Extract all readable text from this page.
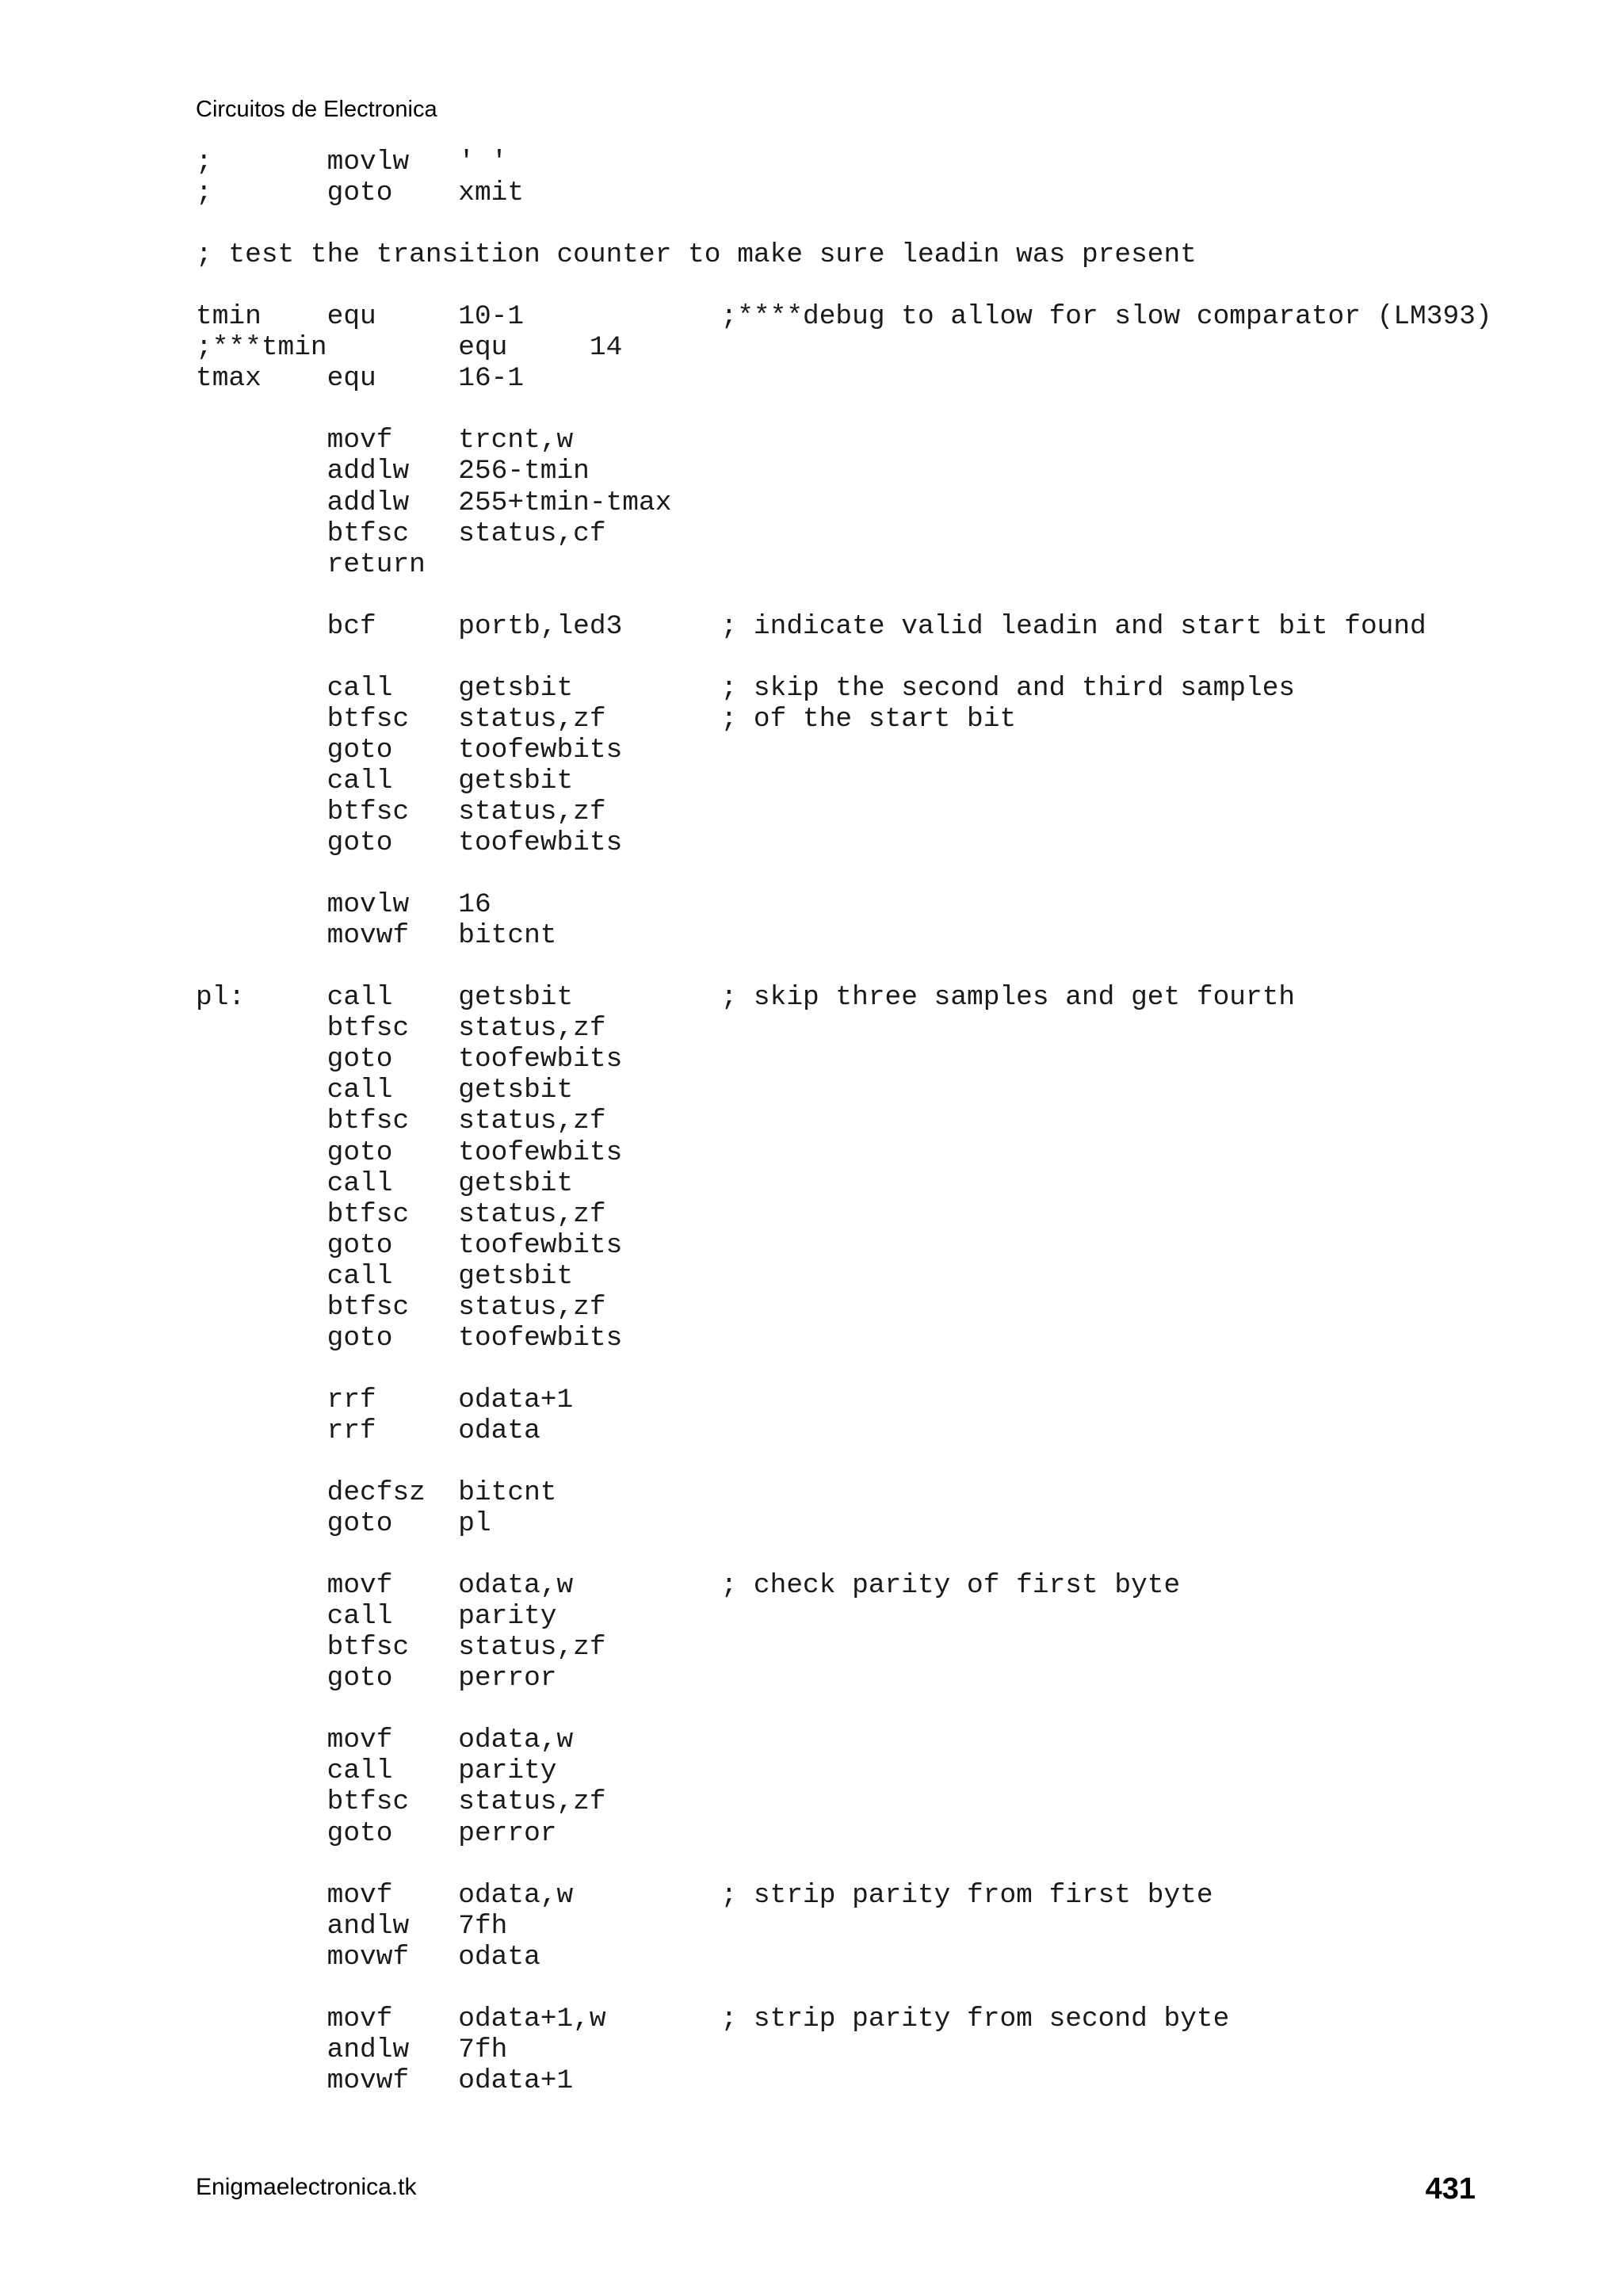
Circuitos de Electronica
;       movlw   ' '
;       goto    xmit
; test the transition counter to make sure leadin was present
tmin    equ     10-1            ;****debug to allow for slow comparator (LM393)
;***tmin        equ     14
tmax    equ     16-1
movf    trcnt,w
addlw   256-tmin
addlw   255+tmin-tmax
btfsc   status,cf
return
bcf     portb,led3      ; indicate valid leadin and start bit found
call    getsbit         ; skip the second and third samples
btfsc   status,zf       ; of the start bit
goto    toofewbits
call    getsbit
btfsc   status,zf
goto    toofewbits
movlw   16
movwf   bitcnt
pl:     call    getsbit         ; skip three samples and get fourth
btfsc   status,zf
goto    toofewbits
call    getsbit
btfsc   status,zf
goto    toofewbits
call    getsbit
btfsc   status,zf
goto    toofewbits
call    getsbit
btfsc   status,zf
goto    toofewbits
rrf     odata+1
rrf     odata
decfsz  bitcnt
goto    pl
movf    odata,w         ; check parity of first byte
call    parity
btfsc   status,zf
goto    perror
movf    odata,w
call    parity
btfsc   status,zf
goto    perror
movf    odata,w         ; strip parity from first byte
andlw   7fh
movwf   odata
movf    odata+1,w       ; strip parity from second byte
andlw   7fh
movwf   odata+1
Enigmaelectronica.tk	431
